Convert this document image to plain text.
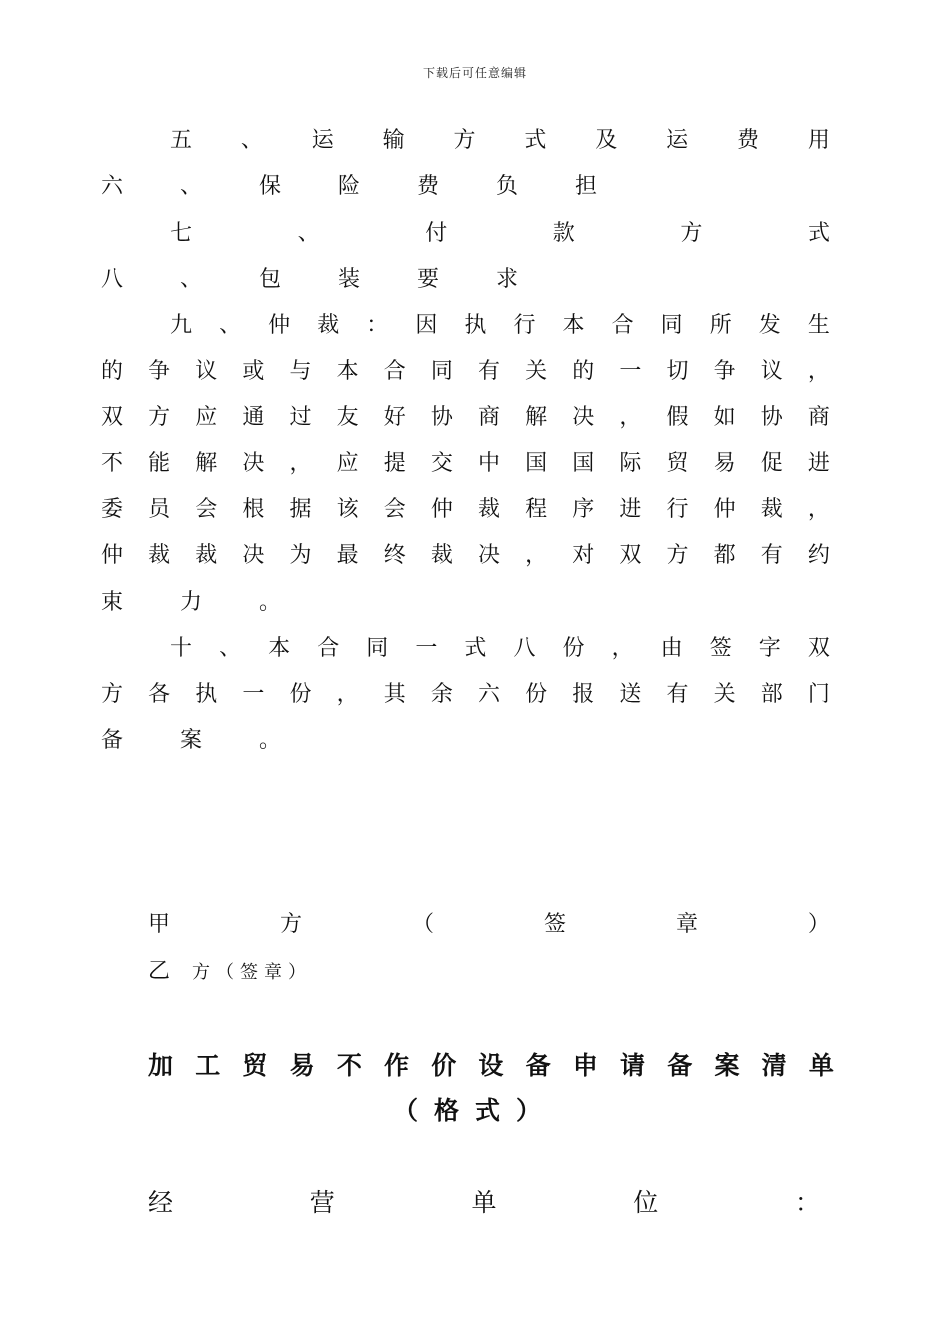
下载后可任意编辑
五 、 运 输 方 式 及 运 费 用
六 、 保 险 费 负 担
七	、	付	款	方	式
八 、 包 装 要 求
九 、 仲 裁 ： 因 执 行 本 合 同 所 发 生
的 争 议 或 与 本 合 同 有 关 的 一 切 争 议 ，
双 方 应 通 过 友 好 协 商 解 决 ， 假 如 协 商
不 能 解 决 ， 应 提 交 中 国 国 际 贸 易 促 进
委 员 会 根 据 该 会 仲 裁 程 序 进 行 仲 裁 ，
仲 裁 裁 决 为 最 终 裁 决 ， 对 双 方 都 有 约
束 力 。
十 、 本 合 同 一 式 八 份 ， 由 签 字 双
方 各 执 一 份 ， 其 余 六 份 报 送 有 关 部 门
备 案 。
甲	方	（	签	章	）
乙 方（签章）
加 工 贸 易 不 作 价 设 备 申 请 备 案 清 单
（格式）
经	营	单	位	：
